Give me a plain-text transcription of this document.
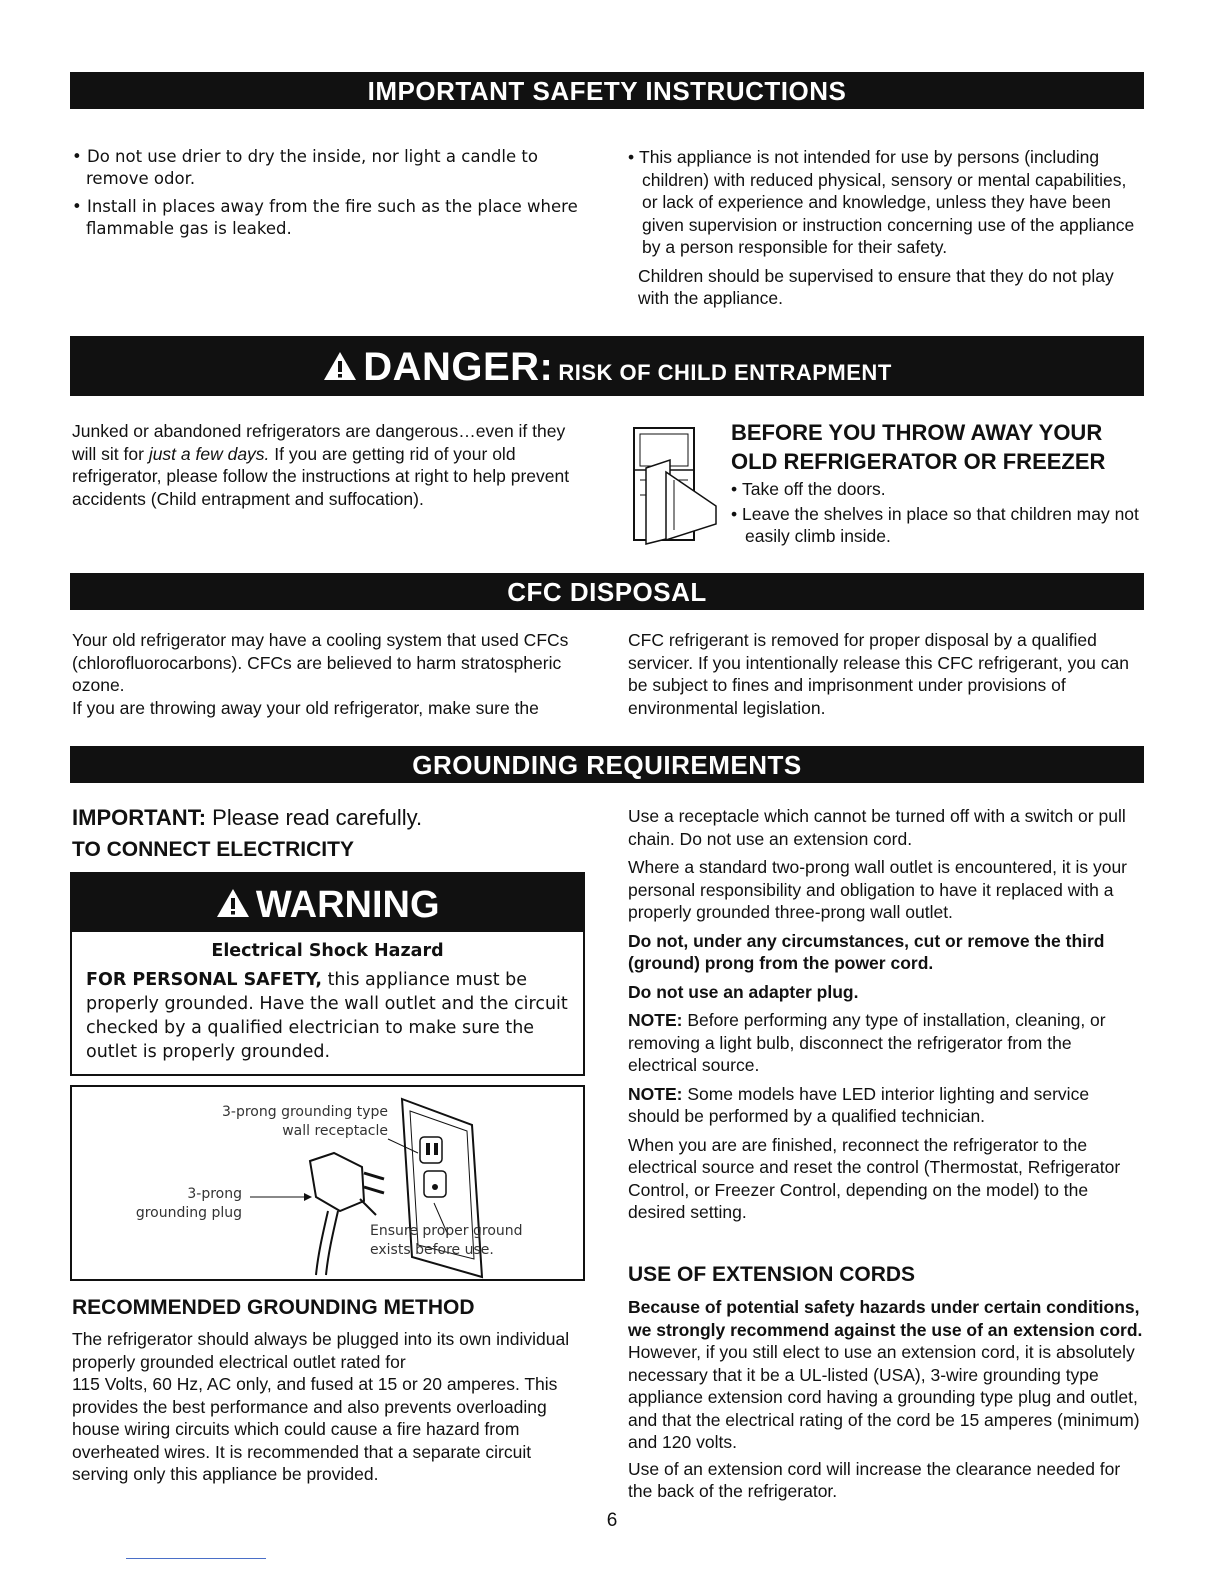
IMPORTANT SAFETY INSTRUCTIONS

• Do not use drier to dry the inside, nor light a candle to remove odor.

• Install in places away from the fire such as the place where flammable gas is leaked.

• This appliance is not intended for use by persons (including children) with reduced physical, sensory or mental capabilities, or lack of experience and knowledge, unless they have been given supervision or instruction concerning use of the appliance by a person responsible for their safety.

Children should be supervised to ensure that they do not play with the appliance.

DANGER: RISK OF CHILD ENTRAPMENT

Junked or abandoned refrigerators are dangerous…even if they will sit for just a few days. If you are getting rid of your old refrigerator, please follow the instructions at right to help prevent accidents (Child entrapment and suffocation).

BEFORE YOU THROW AWAY YOUR OLD REFRIGERATOR OR FREEZER

• Take off the doors.

• Leave the shelves in place so that children may not easily climb inside.

CFC DISPOSAL

Your old refrigerator may have a cooling system that used CFCs (chlorofluorocarbons). CFCs are believed to harm stratospheric ozone.

If you are throwing away your old refrigerator, make sure the

CFC refrigerant is removed for proper disposal by a qualified servicer. If you intentionally release this CFC refrigerant, you can be subject to fines and imprisonment under provisions of environmental legislation.

GROUNDING REQUIREMENTS
IMPORTANT: Please read carefully.
TO CONNECT ELECTRICITY
WARNING
Electrical Shock Hazard
FOR PERSONAL SAFETY, this appliance must be properly grounded. Have the wall outlet and the circuit checked by a qualified electrician to make sure the outlet is properly grounded.
3-prong grounding type wall receptacle
3-prong
grounding plug
Ensure proper ground
exists before use.
RECOMMENDED GROUNDING METHOD

The refrigerator should always be plugged into its own individual properly grounded electrical outlet rated for

115 Volts, 60 Hz, AC only, and fused at 15 or 20 amperes. This provides the best performance and also prevents overloading house wiring circuits which could cause a fire hazard from overheated wires. It is recommended that a separate circuit serving only this appliance be provided.

Use a receptacle which cannot be turned off with a switch or pull chain. Do not use an extension cord.

Where a standard two-prong wall outlet is encountered, it is your personal responsibility and obligation to have it replaced with a properly grounded three-prong wall outlet.

Do not, under any circumstances, cut or remove the third (ground) prong from the power cord.

Do not use an adapter plug.

NOTE: Before performing any type of installation, cleaning, or removing a light bulb, disconnect the refrigerator from the electrical source.

NOTE: Some models have LED interior lighting and service should be performed by a qualified technician.

When you are are finished, reconnect the refrigerator to the electrical source and reset the control (Thermostat, Refrigerator Control, or Freezer Control, depending on the model) to the desired setting.

USE OF EXTENSION CORDS

Because of potential safety hazards under certain conditions, we strongly recommend against the use of an extension cord. However, if you still elect to use an extension cord, it is absolutely necessary that it be a UL-listed (USA), 3-wire grounding type appliance extension cord having a grounding type plug and outlet, and that the electrical rating of the cord be 15 amperes (minimum) and 120 volts.

Use of an extension cord will increase the clearance needed for the back of the refrigerator.

6
